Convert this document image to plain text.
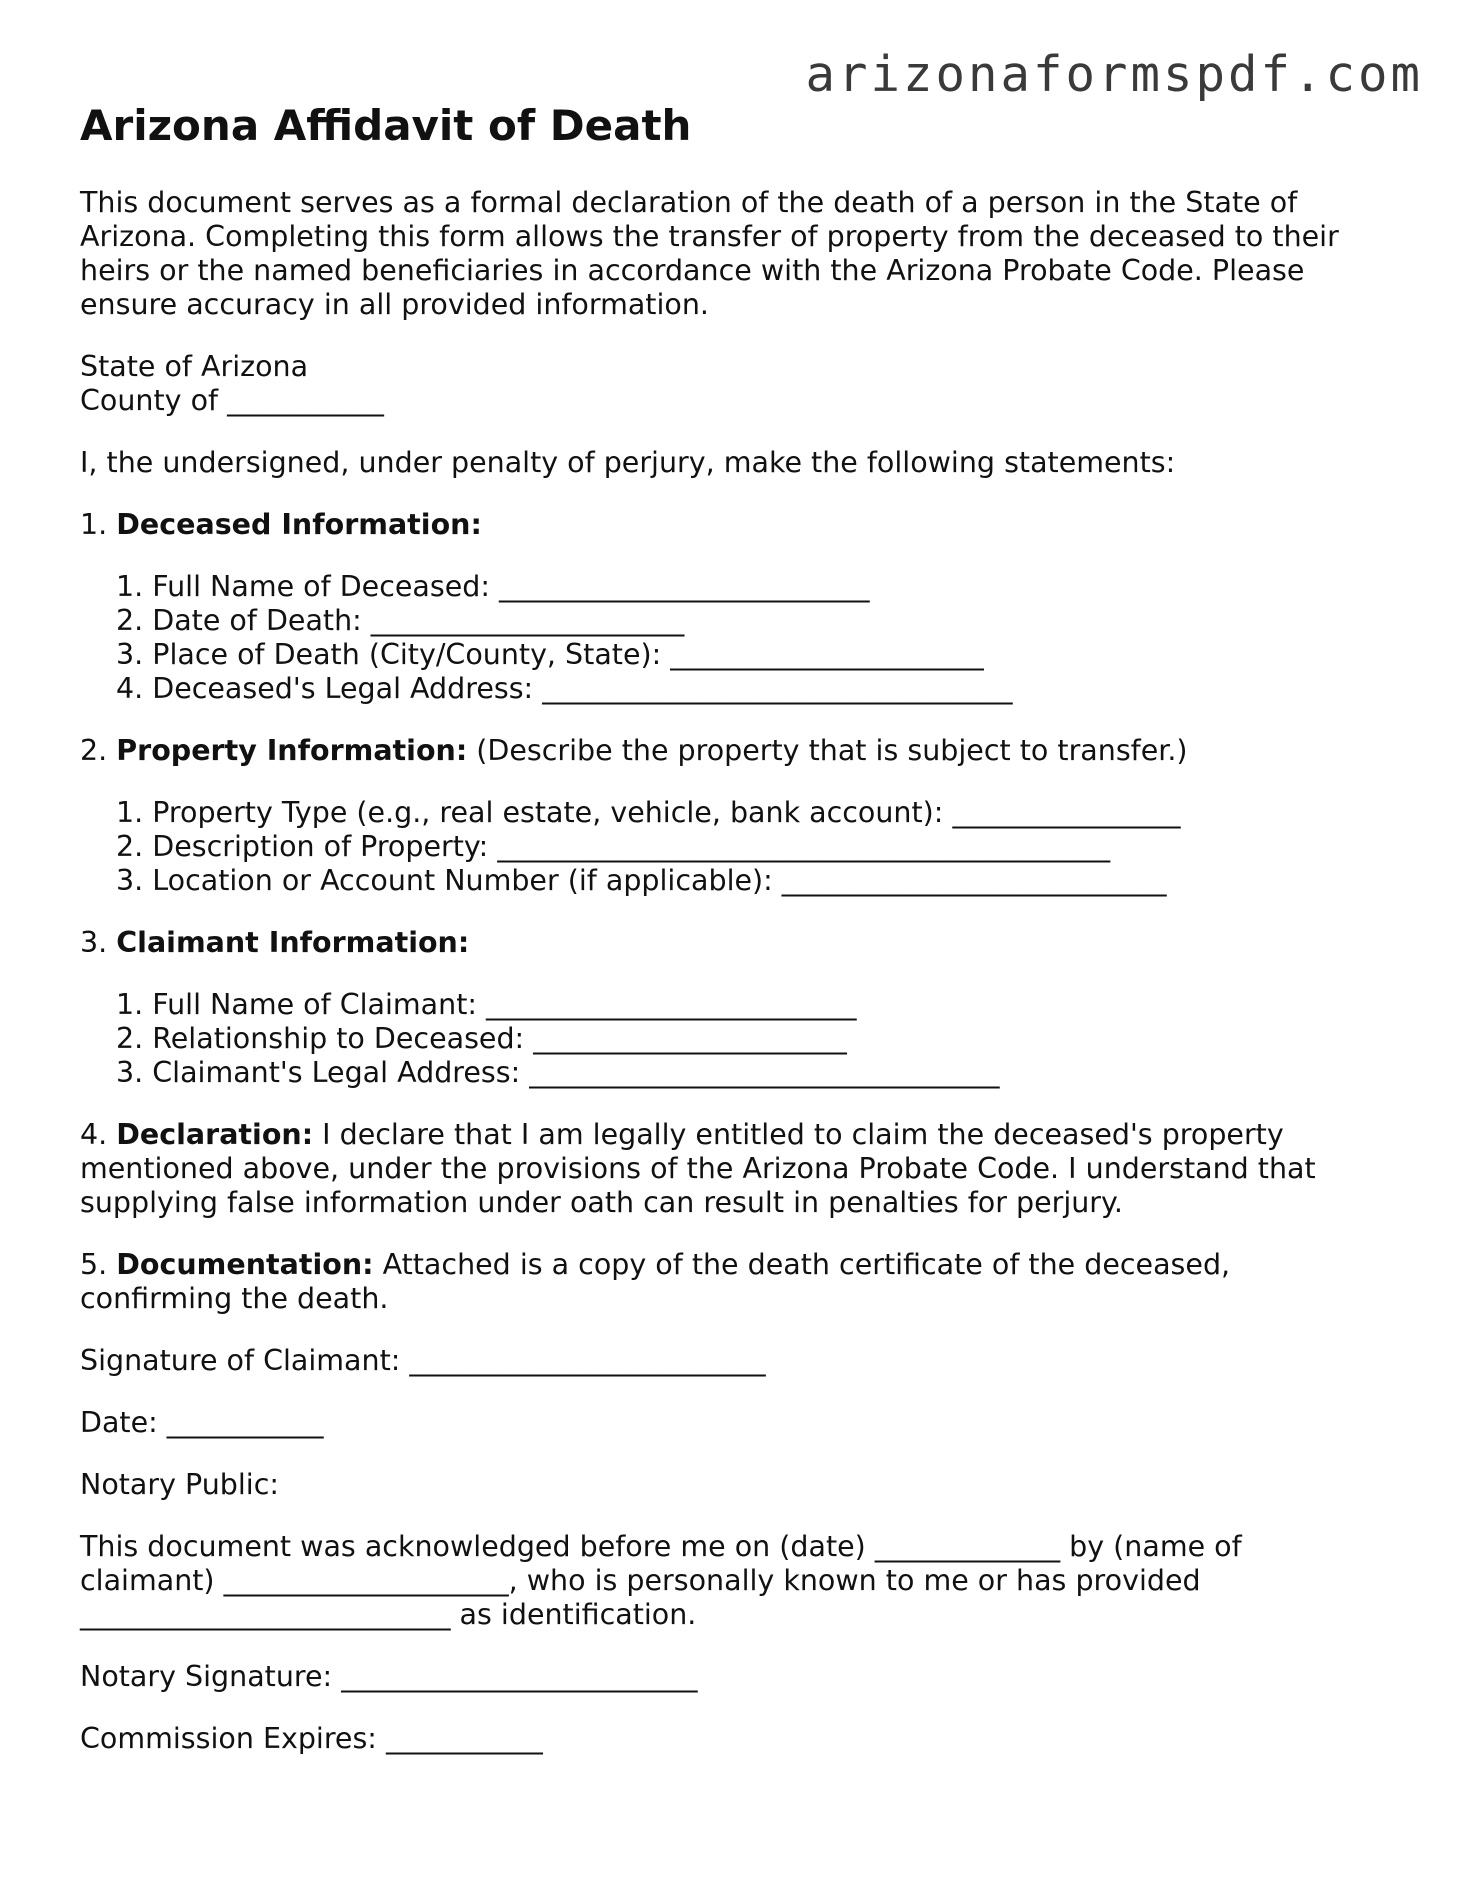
arizonaformspdf.com
Arizona Affidavit of Death

This document serves as a formal declaration of the death of a person in the State of Arizona. Completing this form allows the transfer of property from the deceased to their heirs or the named beneficiaries in accordance with the Arizona Probate Code. Please ensure accuracy in all provided information.

State of Arizona
County of ___________

I, the undersigned, under penalty of perjury, make the following statements:

1. Deceased Information:

1. Full Name of Deceased: __________________________
2. Date of Death: ______________________
3. Place of Death (City/County, State): ______________________
4. Deceased's Legal Address: _________________________________

2. Property Information: (Describe the property that is subject to transfer.)

1. Property Type (e.g., real estate, vehicle, bank account): ________________
2. Description of Property: ___________________________________________
3. Location or Account Number (if applicable): ___________________________

3. Claimant Information:

1. Full Name of Claimant: __________________________
2. Relationship to Deceased: ______________________
3. Claimant's Legal Address: _________________________________

4. Declaration: I declare that I am legally entitled to claim the deceased's property mentioned above, under the provisions of the Arizona Probate Code. I understand that supplying false information under oath can result in penalties for perjury.

5. Documentation: Attached is a copy of the death certificate of the deceased, confirming the death.

Signature of Claimant: _________________________

Date: ___________

Notary Public:

This document was acknowledged before me on (date) _____________ by (name of claimant) ____________________, who is personally known to me or has provided __________________________ as identification.

Notary Signature: _________________________

Commission Expires: ___________
